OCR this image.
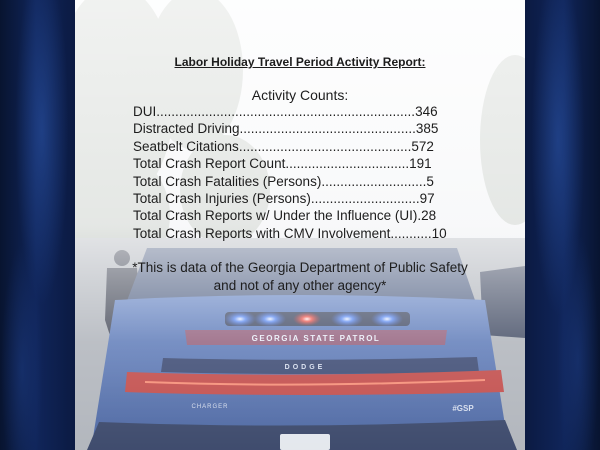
Labor Holiday Travel Period Activity Report:
Activity Counts:
DUI.....................................................................346
Distracted Driving...............................................385
Seatbelt Citations..............................................572
Total Crash Report Count.................................191
Total Crash Fatalities (Persons)............................5
Total Crash Injuries (Persons).............................97
Total Crash Reports w/ Under the Influence (UI).28
Total Crash Reports with CMV Involvement...........10
*This is data of the Georgia Department of Public Safety
and not of any other agency*
